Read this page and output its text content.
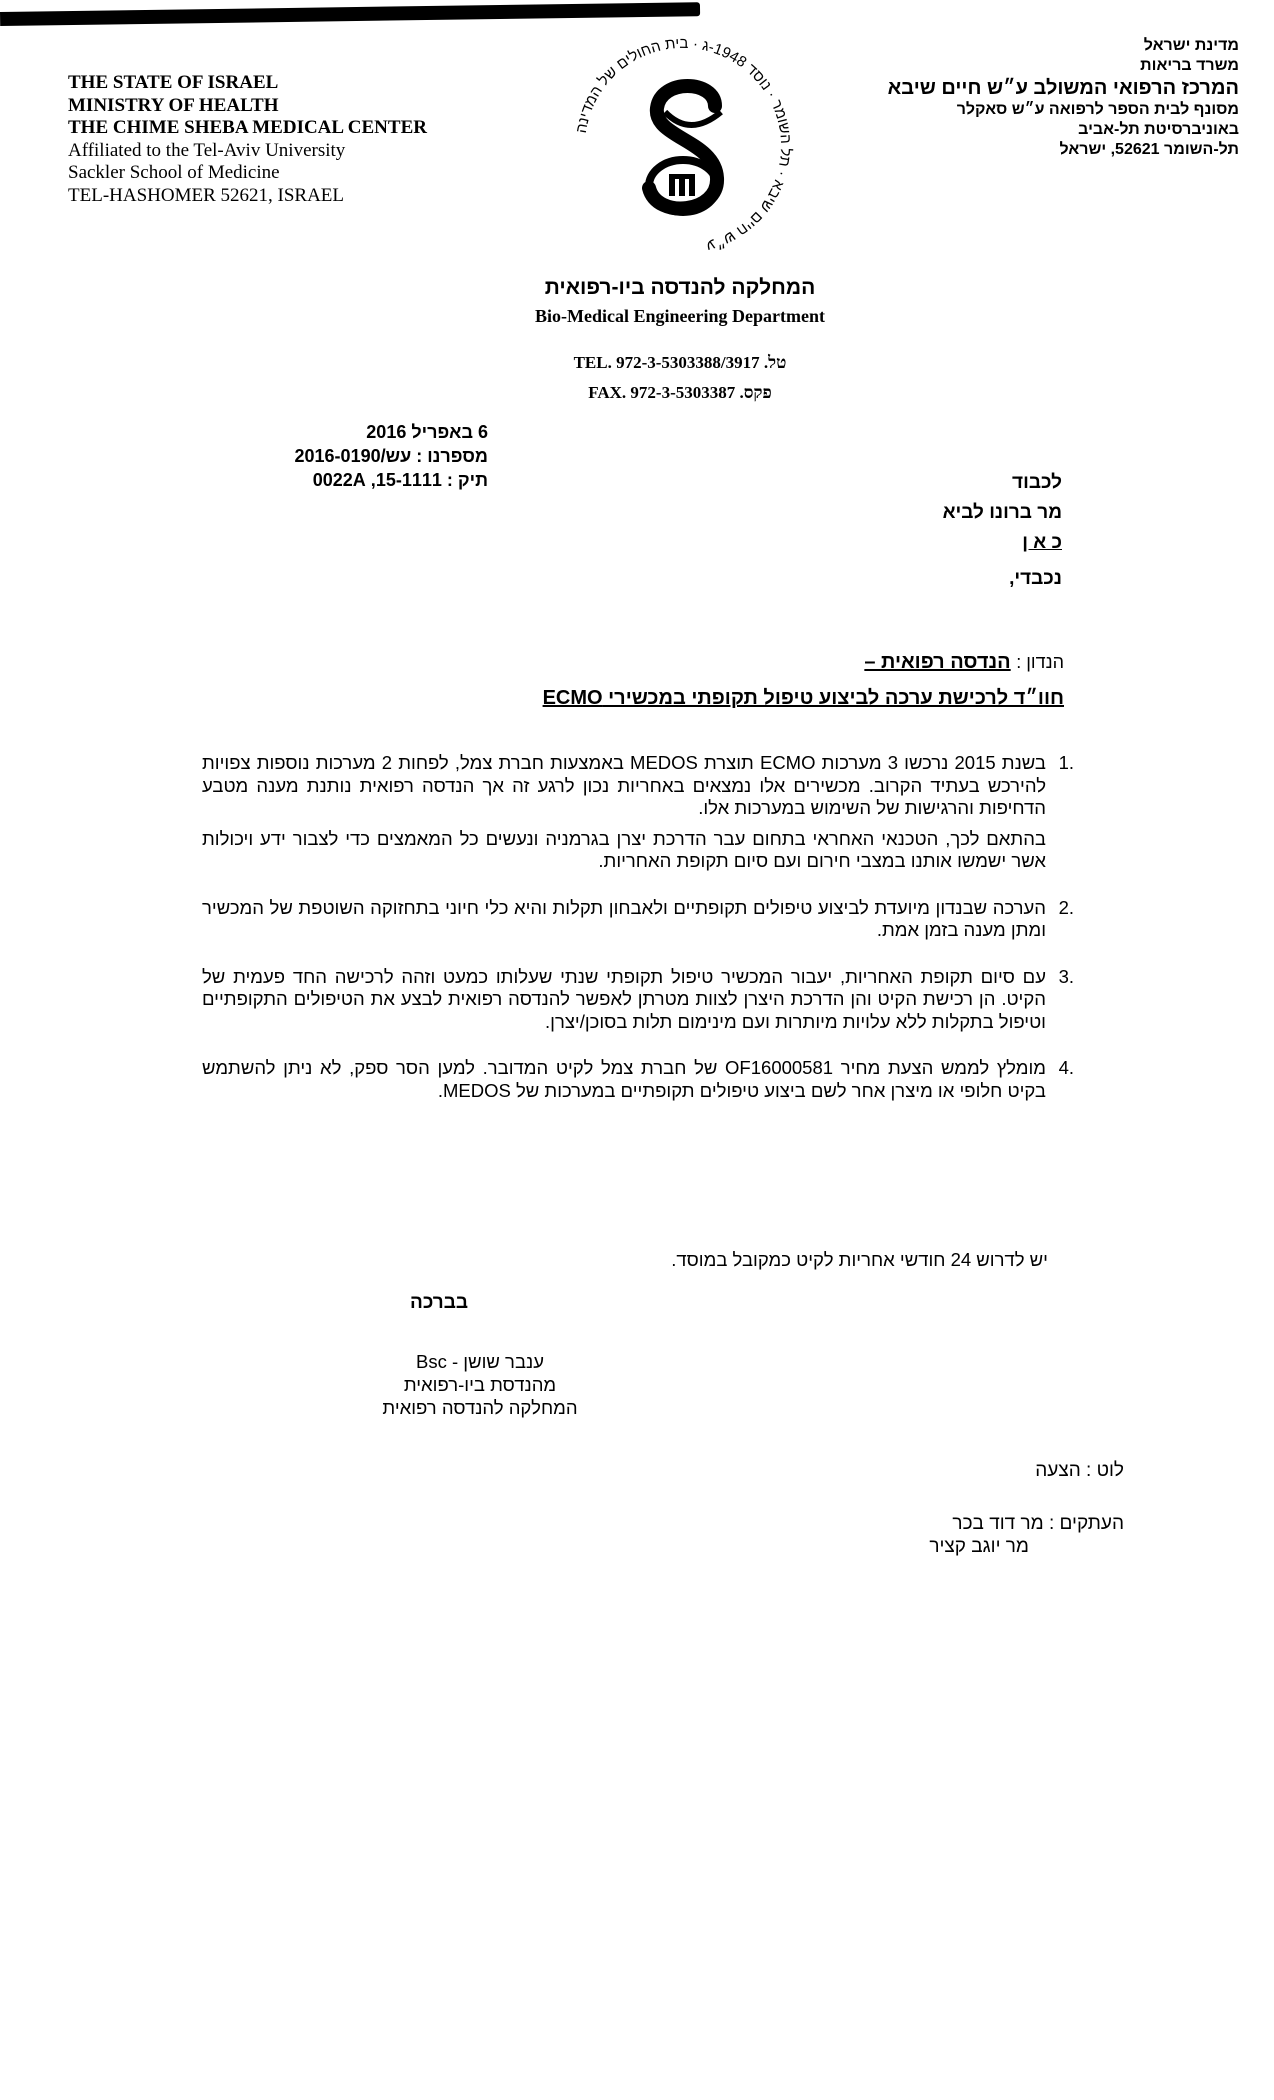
THE STATE OF ISRAEL
MINISTRY OF HEALTH
THE CHIME SHEBA MEDICAL CENTER
Affiliated to the Tel-Aviv University
Sackler School of Medicine
TEL-HASHOMER 52621, ISRAEL
מדינת ישראל
משרד בריאות
המרכז הרפואי המשולב ע״ש חיים שיבא
מסונף לבית הספר לרפואה ע״ש סאקלר
באוניברסיטת תל-אביב
תל-השומר 52621, ישראל
ע״ש חיים שיבא · תל השומר · נוסד 1948-ג · בית החולים של המדינה
המחלקה להנדסה ביו-רפואית
Bio-Medical Engineering Department
TEL. 972-3-5303388/3917 .טל
FAX. 972-3-5303387 .פקס
6 באפריל 2016
מספרנו : עש/2016-0190
תיק : 15-1111, 0022A	לכבוד
מר ברונו לביא
כ א ן
נכבדי,
הנדון : הנדסה רפואית –
חוו״ד לרכישת ערכה לביצוע טיפול תקופתי במכשירי ECMO
.1

בשנת 2015 נרכשו 3 מערכות ECMO תוצרת MEDOS באמצעות חברת צמל, לפחות 2 מערכות נוספות צפויות להירכש בעתיד הקרוב. מכשירים אלו נמצאים באחריות נכון לרגע זה אך הנדסה רפואית נותנת מענה מטבע הדחיפות והרגישות של השימוש במערכות אלו.

בהתאם לכך, הטכנאי האחראי בתחום עבר הדרכת יצרן בגרמניה ונעשים כל המאמצים כדי לצבור ידע ויכולות אשר ישמשו אותנו במצבי חירום ועם סיום תקופת האחריות.

.2

הערכה שבנדון מיועדת לביצוע טיפולים תקופתיים ולאבחון תקלות והיא כלי חיוני בתחזוקה השוטפת של המכשיר ומתן מענה בזמן אמת.

.3

עם סיום תקופת האחריות, יעבור המכשיר טיפול תקופתי שנתי שעלותו כמעט וזהה לרכישה החד פעמית של הקיט. הן רכישת הקיט והן הדרכת היצרן לצוות מטרתן לאפשר להנדסה רפואית לבצע את הטיפולים התקופתיים וטיפול בתקלות ללא עלויות מיותרות ועם מינימום תלות בסוכן/יצרן.

.4

מומלץ לממש הצעת מחיר OF16000581 של חברת צמל לקיט המדובר. למען הסר ספק, לא ניתן להשתמש בקיט חלופי או מיצרן אחר לשם ביצוע טיפולים תקופתיים במערכות של MEDOS.

יש לדרוש 24 חודשי אחריות לקיט כמקובל במוסד.
בברכה
ענבר שושן - Bsc
מהנדסת ביו-רפואית
המחלקה להנדסה רפואית
לוט : הצעה
העתקים : מר דוד בכר
מר יוגב קציר
